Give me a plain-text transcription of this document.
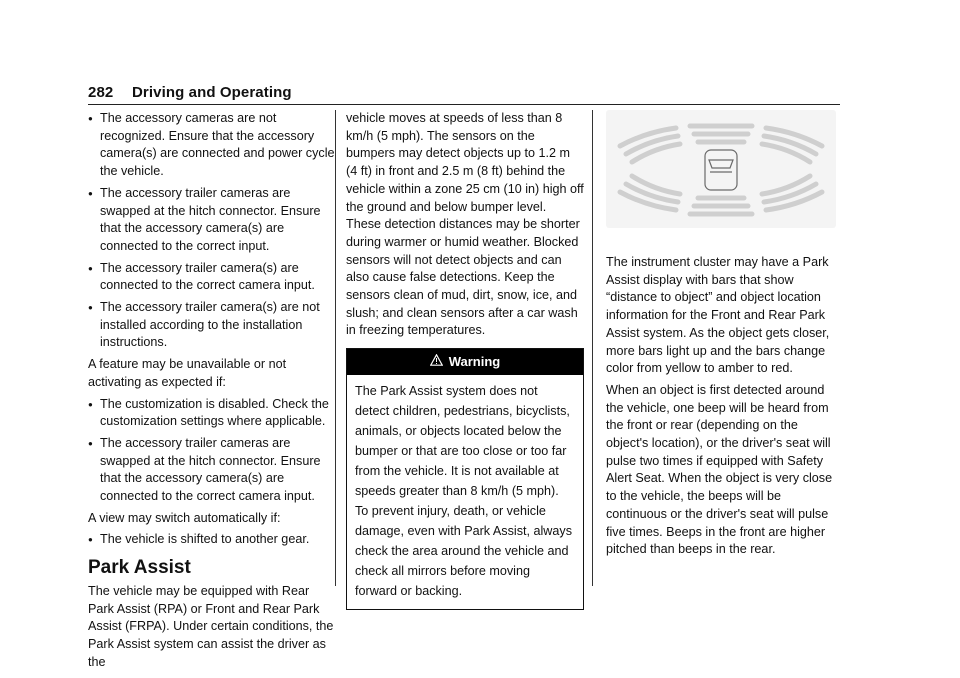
282 Driving and Operating
● The accessory cameras are not recognized. Ensure that the accessory camera(s) are connected and power cycle the vehicle.
● The accessory trailer cameras are swapped at the hitch connector. Ensure that the accessory camera(s) are connected to the correct input.
● The accessory trailer camera(s) are connected to the correct camera input.
● The accessory trailer camera(s) are not installed according to the installation instructions.

A feature may be unavailable or not activating as expected if:

● The customization is disabled. Check the customization settings where applicable.
● The accessory trailer cameras are swapped at the hitch connector. Ensure that the accessory camera(s) are connected to the correct camera input.

A view may switch automatically if:

● The vehicle is shifted to another gear.
Park Assist

The vehicle may be equipped with Rear Park Assist (RPA) or Front and Rear Park Assist (FRPA). Under certain conditions, the Park Assist system can assist the driver as the

vehicle moves at speeds of less than 8 km/h (5 mph). The sensors on the bumpers may detect objects up to 1.2 m (4 ft) in front and 2.5 m (8 ft) behind the vehicle within a zone 25 cm (10 in) high off the ground and below bumper level. These detection distances may be shorter during warmer or humid weather. Blocked sensors will not detect objects and can also cause false detections. Keep the sensors clean of mud, dirt, snow, ice, and slush; and clean sensors after a car wash in freezing temperatures.

Warning
The Park Assist system does not detect children, pedestrians, bicyclists, animals, or objects located below the bumper or that are too close or too far from the vehicle. It is not available at speeds greater than 8 km/h (5 mph). To prevent injury, death, or vehicle damage, even with Park Assist, always check the area around the vehicle and check all mirrors before moving forward or backing.

The instrument cluster may have a Park Assist display with bars that show “distance to object” and object location information for the Front and Rear Park Assist system. As the object gets closer, more bars light up and the bars change color from yellow to amber to red.

When an object is first detected around the vehicle, one beep will be heard from the front or rear (depending on the object's location), or the driver's seat will pulse two times if equipped with Safety Alert Seat. When the object is very close to the vehicle, the beeps will be continuous or the driver's seat will pulse five times. Beeps in the front are higher pitched than beeps in the rear.
